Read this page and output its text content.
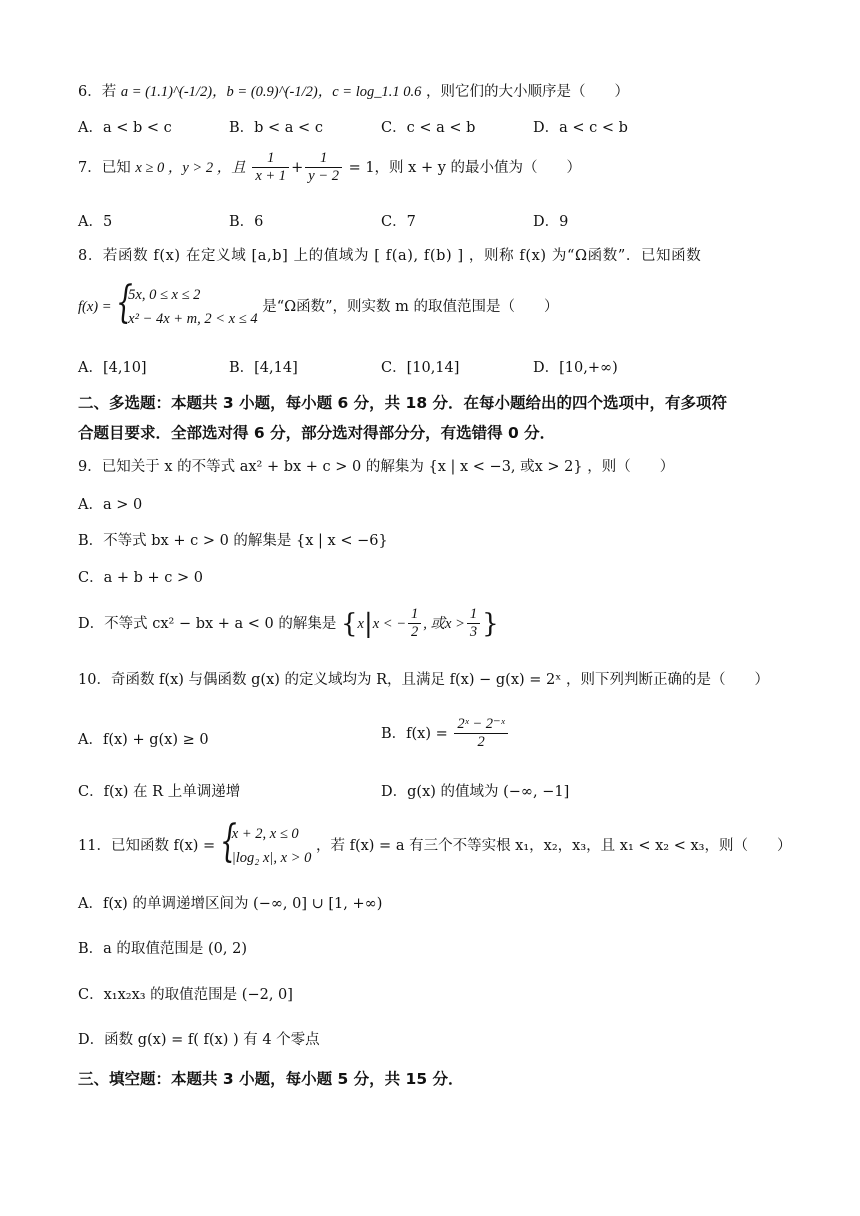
6．若 a = (1.1)^(-1/2)，b = (0.9)^(-1/2)，c = log_1.1 0.6 ，则它们的大小顺序是（　　）
A．a < b < c	B．b < a < c	C．c < a < b	D．a < c < b
7．已知 x ≥ 0 ，y > 2 ，且 $\frac{1}{x + 1} + \frac{1}{y - 2} = 1$，则 x + y 的最小值为（　　）
A．5	B．6	C．7	D．9
8．若函数 f(x) 在定义域 [a,b] 上的值域为 [ f(a), f(b) ] ，则称 f(x) 为“Ω函数”．已知函数
f(x) = {
5x, 0 ≤ x ≤ 2
x² − 4x + m, 2 < x ≤ 4
是“Ω函数”，则实数 m 的取值范围是（　　）
A．[4,10]	B．[4,14]	C．[10,14]	D．[10,+∞)
二、多选题：本题共 3 小题，每小题 6 分，共 18 分．在每小题给出的四个选项中，有多项符
合题目要求．全部选对得 6 分，部分选对得部分分，有选错得 0 分．
9．已知关于 x 的不等式 ax² + bx + c > 0 的解集为 {x | x < −3, 或x > 2} ，则（　　）
A．a > 0
B．不等式 bx + c > 0 的解集是 {x | x < −6}
C．a + b + c > 0
D．不等式 cx² − bx + a < 0 的解集是 {x|x < − $\frac{1}{2}$ , 或$x > \frac{1}{3}$ }
10．奇函数 f(x) 与偶函数 g(x) 的定义域均为 R，且满足 f(x) − g(x) = 2ˣ ，则下列判断正确的是（　　）
A．f(x) + g(x) ≥ 0	B．$f(x) = \frac{\text{2ˣ − 2⁻ˣ}}{2}$
C．f(x) 在 R 上单调递增	D．g(x) 的值域为 (−∞, −1]
11．已知函数 f(x) = {
x + 2, x ≤ 0
|log₂ x|, x > 0
，若 f(x) = a 有三个不等实根 x₁，x₂，x₃，且 x₁ < x₂ < x₃，则（　　）
A．f(x) 的单调递增区间为 (−∞, 0] ∪ [1, +∞)
B．a 的取值范围是 (0, 2)
C．x₁x₂x₃ 的取值范围是 (−2, 0]
D．函数 g(x) = f( f(x) ) 有 4 个零点
三、填空题：本题共 3 小题，每小题 5 分，共 15 分．
